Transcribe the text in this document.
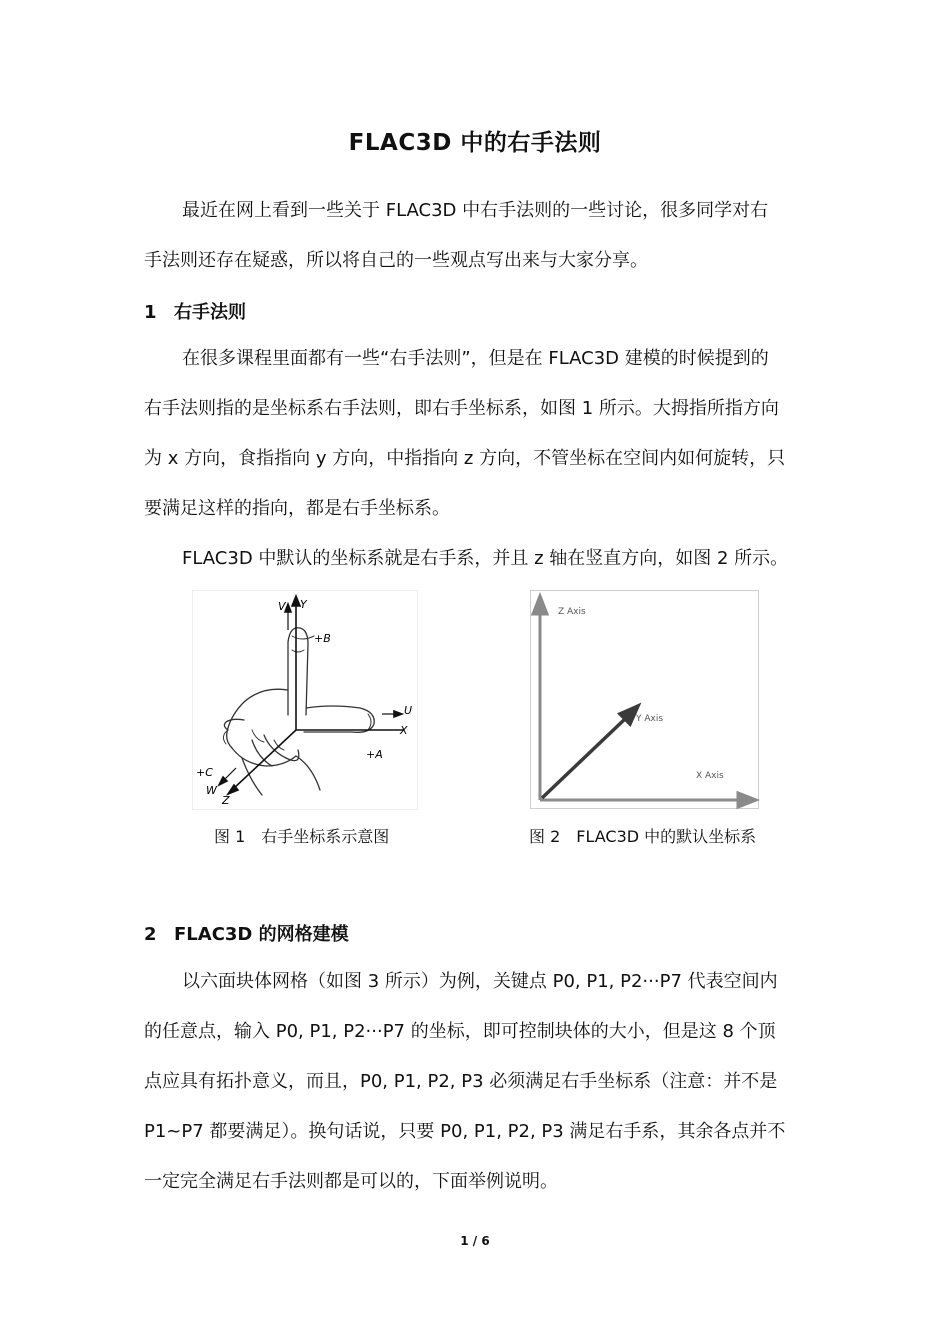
FLAC3D 中的右手法则
最近在网上看到一些关于 FLAC3D 中右手法则的一些讨论，很多同学对右
手法则还存在疑惑，所以将自己的一些观点写出来与大家分享。
1 右手法则
在很多课程里面都有一些“右手法则”，但是在 FLAC3D 建模的时候提到的
右手法则指的是坐标系右手法则，即右手坐标系，如图 1 所示。大拇指所指方向
为 x 方向，食指指向 y 方向，中指指向 z 方向，不管坐标在空间内如何旋转，只
要满足这样的指向，都是右手坐标系。
FLAC3D 中默认的坐标系就是右手系，并且 z 轴在竖直方向，如图 2 所示。
V Y
+B
U
X
+A
+C
W
Z
Z Axis
Y Axis
X Axis
图 1　右手坐标系示意图	图 2　FLAC3D 中的默认坐标系
2 FLAC3D 的网格建模
以六面块体网格（如图 3 所示）为例，关键点 P0, P1, P2···P7 代表空间内
的任意点，输入 P0, P1, P2···P7 的坐标，即可控制块体的大小，但是这 8 个顶
点应具有拓扑意义，而且，P0, P1, P2, P3 必须满足右手坐标系（注意：并不是
P1~P7 都要满足）。换句话说，只要 P0, P1, P2, P3 满足右手系，其余各点并不
一定完全满足右手法则都是可以的，下面举例说明。
1 / 6
